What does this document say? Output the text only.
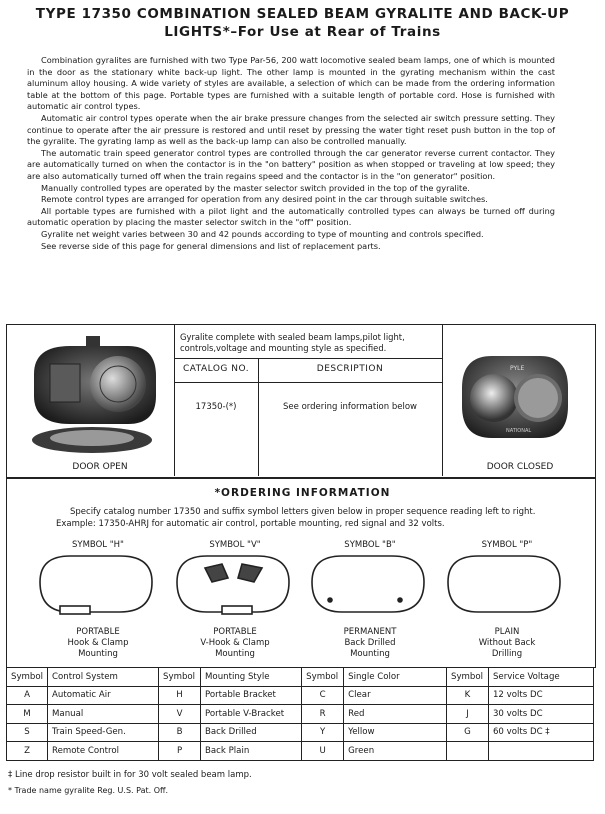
TYPE 17350 COMBINATION SEALED BEAM GYRALITE AND BACK-UP
LIGHTS*–For Use at Rear of Trains

Combination gyralites are furnished with two Type Par-56, 200 watt locomotive sealed beam lamps, one of which is mounted in the door as the stationary white back-up light. The other lamp is mounted in the gyrating mechanism within the cast aluminum alloy housing. A wide variety of styles are available, a selection of which can be made from the ordering information table at the bottom of this page. Portable types are furnished with a suitable length of portable cord. Hose is furnished with automatic air control types.

Automatic air control types operate when the air brake pressure changes from the selected air switch pressure setting. They continue to operate after the air pressure is restored and until reset by pressing the water tight reset push button in the top of the gyralite. The gyrating lamp as well as the back-up lamp can also be controlled manually.

The automatic train speed generator control types are controlled through the car generator reverse current contactor. They are automatically turned on when the contactor is in the "on battery" position as when stopped or traveling at low speed; they are also automatically turned off when the train regains speed and the contactor is in the "on generator" position.

Manually controlled types are operated by the master selector switch provided in the top of the gyralite.

Remote control types are arranged for operation from any desired point in the car through suitable switches.

All portable types are furnished with a pilot light and the automatically controlled types can always be turned off during automatic operation by placing the master selector switch in the "off" position.

Gyralite net weight varies between 30 and 42 pounds according to type of mounting and controls specified.

See reverse side of this page for general dimensions and list of replacement parts.

Gyralite complete with sealed beam lamps,pilot light, controls,voltage and mounting style as specified.
CATALOG NO.	DESCRIPTION
17350-(*)	See ordering information below
DOOR OPEN
PYLE
NATIONAL
DOOR CLOSED
*ORDERING INFORMATION
Specify catalog number 17350 and suffix symbol letters given below in proper sequence reading left to right. Example: 17350-AHRJ for automatic air control, portable mounting, red signal and 32 volts.
SYMBOL "H"	SYMBOL "V"	SYMBOL "B"	SYMBOL "P"
PORTABLE
Hook & Clamp
Mounting
PORTABLE
V-Hook & Clamp
Mounting
PERMANENT
Back Drilled
Mounting
PLAIN
Without Back
Drilling
Symbol	Control System	Symbol	Mounting Style	Symbol	Single Color	Symbol	Service Voltage
A	Automatic Air	H	Portable Bracket	C	Clear	K	12 volts DC
M	Manual	V	Portable V-Bracket	R	Red	J	30 volts DC
S	Train Speed-Gen.	B	Back Drilled	Y	Yellow	G	60 volts DC ‡
Z	Remote Control	P	Back Plain	U	Green		
‡ Line drop resistor built in for 30 volt sealed beam lamp.
* Trade name gyralite Reg. U.S. Pat. Off.
